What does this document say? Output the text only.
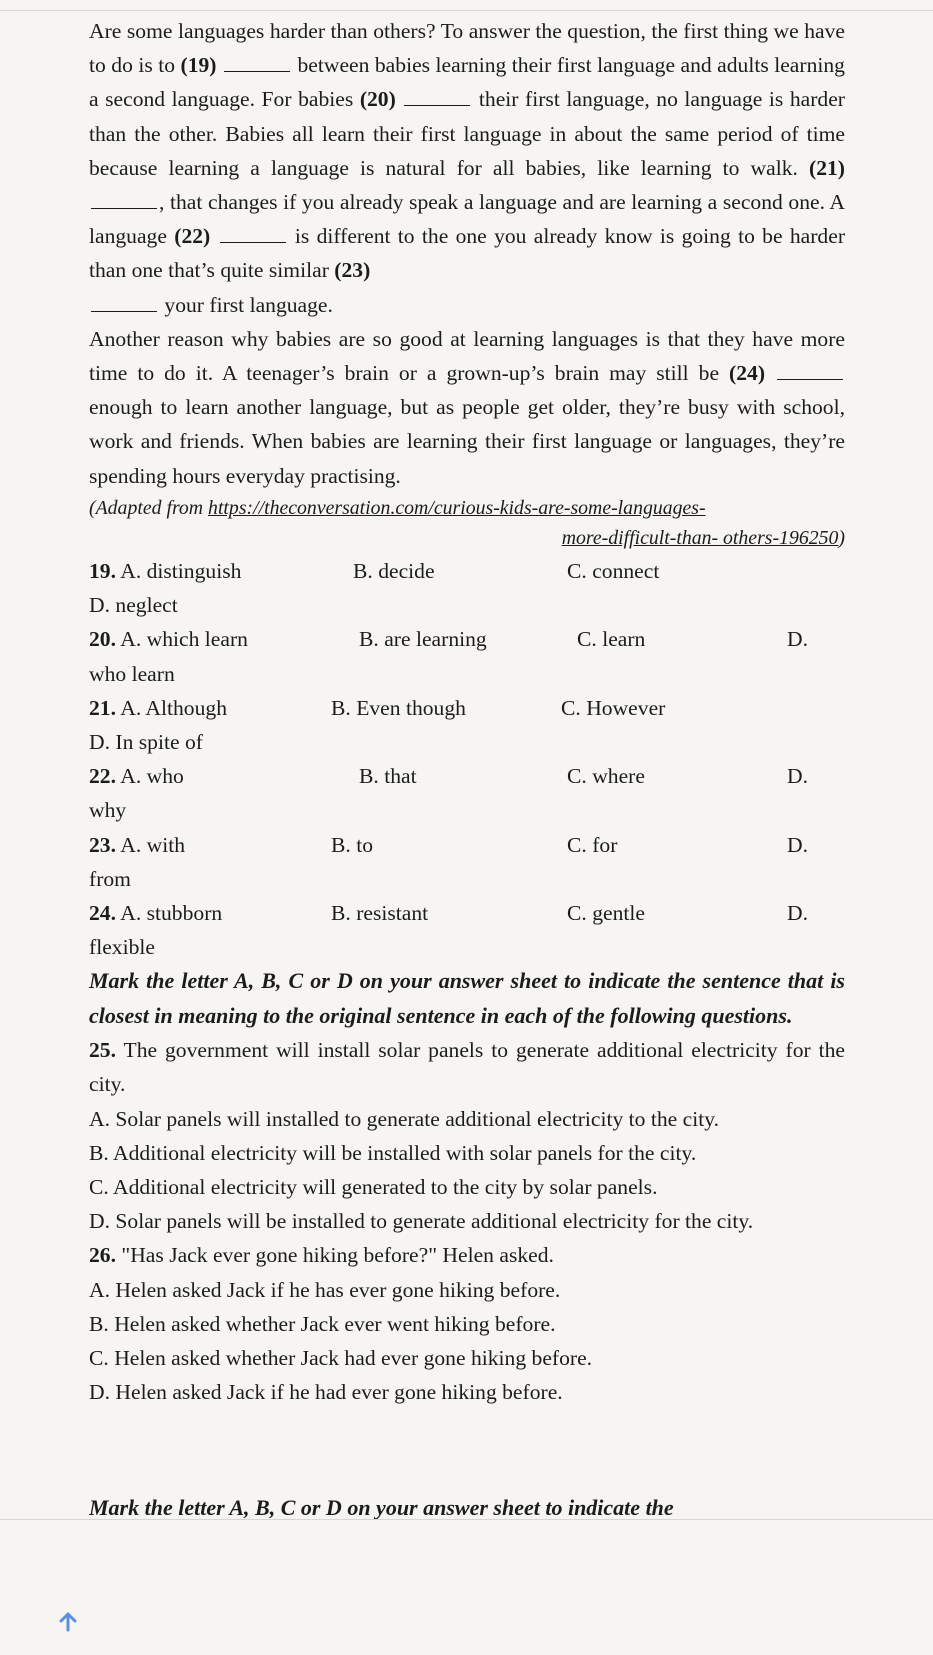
Are some languages harder than others? To answer the question, the first thing we have to do is to (19)	between babies learning their first language and adults learning a second language. For babies (20)	their first language, no language is harder than the other. Babies all learn their first language in about the same period of time because learning a language is natural for all babies, like learning to walk. (21) , that changes if you already speak a language and are learning a second one. A language (22)	is different to the one you already know is going to be harder than one that’s quite similar (23)
your first language.

Another reason why babies are so good at learning languages is that they have more time to do it. A teenager’s brain or a grown-up’s brain may still be (24)  enough to learn another language, but as people get older, they’re busy with school, work and friends. When babies are learning their first language or languages, they’re spending hours everyday practising.

(Adapted from https://theconversation.com/curious-kids-are-some-languages-
more-difficult-than- others-196250)

19. A. distinguish	B. decide	C. connect
D. neglect
20. A. which learn	B. are learning	C. learn	D.
who learn
21. A. Although	B. Even though	C. However
D. In spite of
22. A. who	B. that	C. where	D.
why
23. A. with	B. to	C. for	D.
from
24. A. stubborn	B. resistant	C. gentle	D.
flexible

Mark the letter A, B, C or D on your answer sheet to indicate the sentence that is closest in meaning to the original sentence in each of the following questions.

25. The government will install solar panels to generate additional electricity for the city.

A. Solar panels will installed to generate additional electricity to the city.

B. Additional electricity will be installed with solar panels for the city.

C. Additional electricity will generated to the city by solar panels.

D. Solar panels will be installed to generate additional electricity for the city.

26. "Has Jack ever gone hiking before?" Helen asked.

A. Helen asked Jack if he has ever gone hiking before.

B. Helen asked whether Jack ever went hiking before.

C. Helen asked whether Jack had ever gone hiking before.

D. Helen asked Jack if he had ever gone hiking before.

Mark the letter A, B, C or D on your answer sheet to indicate the
